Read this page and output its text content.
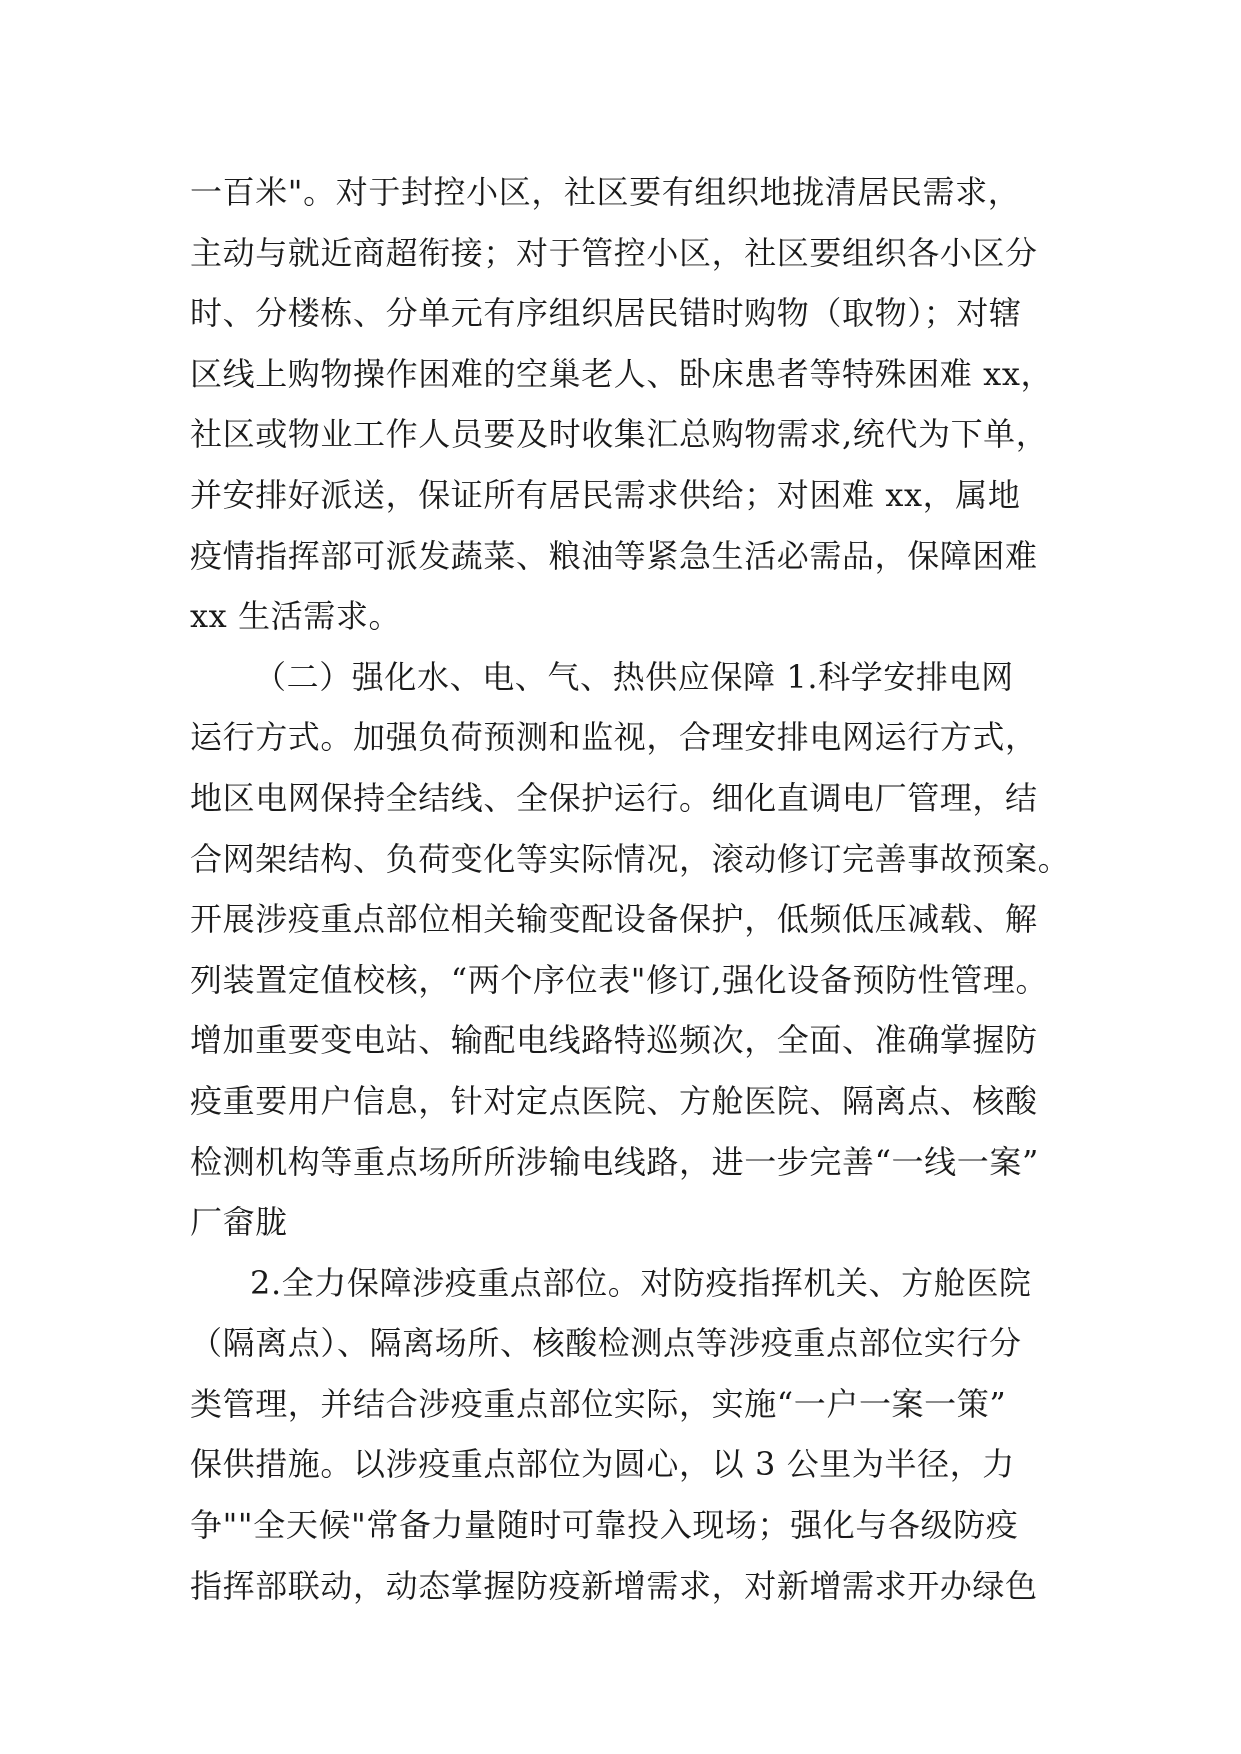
一百米"。对于封控小区，社区要有组织地拢清居民需求，
主动与就近商超衔接；对于管控小区，社区要组织各小区分
时、分楼栋、分单元有序组织居民错时购物（取物）；对辖
区线上购物操作困难的空巢老人、卧床患者等特殊困难 xx，
社区或物业工作人员要及时收集汇总购物需求,统代为下单，
并安排好派送，保证所有居民需求供给；对困难 xx，属地
疫情指挥部可派发蔬菜、粮油等紧急生活必需品，保障困难
xx 生活需求。
（二）强化水、电、气、热供应保障 1.科学安排电网
运行方式。加强负荷预测和监视，合理安排电网运行方式，
地区电网保持全结线、全保护运行。细化直调电厂管理，结
合网架结构、负荷变化等实际情况，滚动修订完善事故预案。
开展涉疫重点部位相关输变配设备保护，低频低压减载、解
列装置定值校核，“两个序位表"修订,强化设备预防性管理。
增加重要变电站、输配电线路特巡频次，全面、准确掌握防
疫重要用户信息，针对定点医院、方舱医院、隔离点、核酸
检测机构等重点场所所涉输电线路，进一步完善“一线一案”
厂畲胧
2.全力保障涉疫重点部位。对防疫指挥机关、方舱医院
（隔离点）、隔离场所、核酸检测点等涉疫重点部位实行分
类管理，并结合涉疫重点部位实际，实施“一户一案一策”
保供措施。以涉疫重点部位为圆心，以 3 公里为半径，力
争""全天候"常备力量随时可靠投入现场；强化与各级防疫
指挥部联动，动态掌握防疫新增需求，对新增需求开办绿色
